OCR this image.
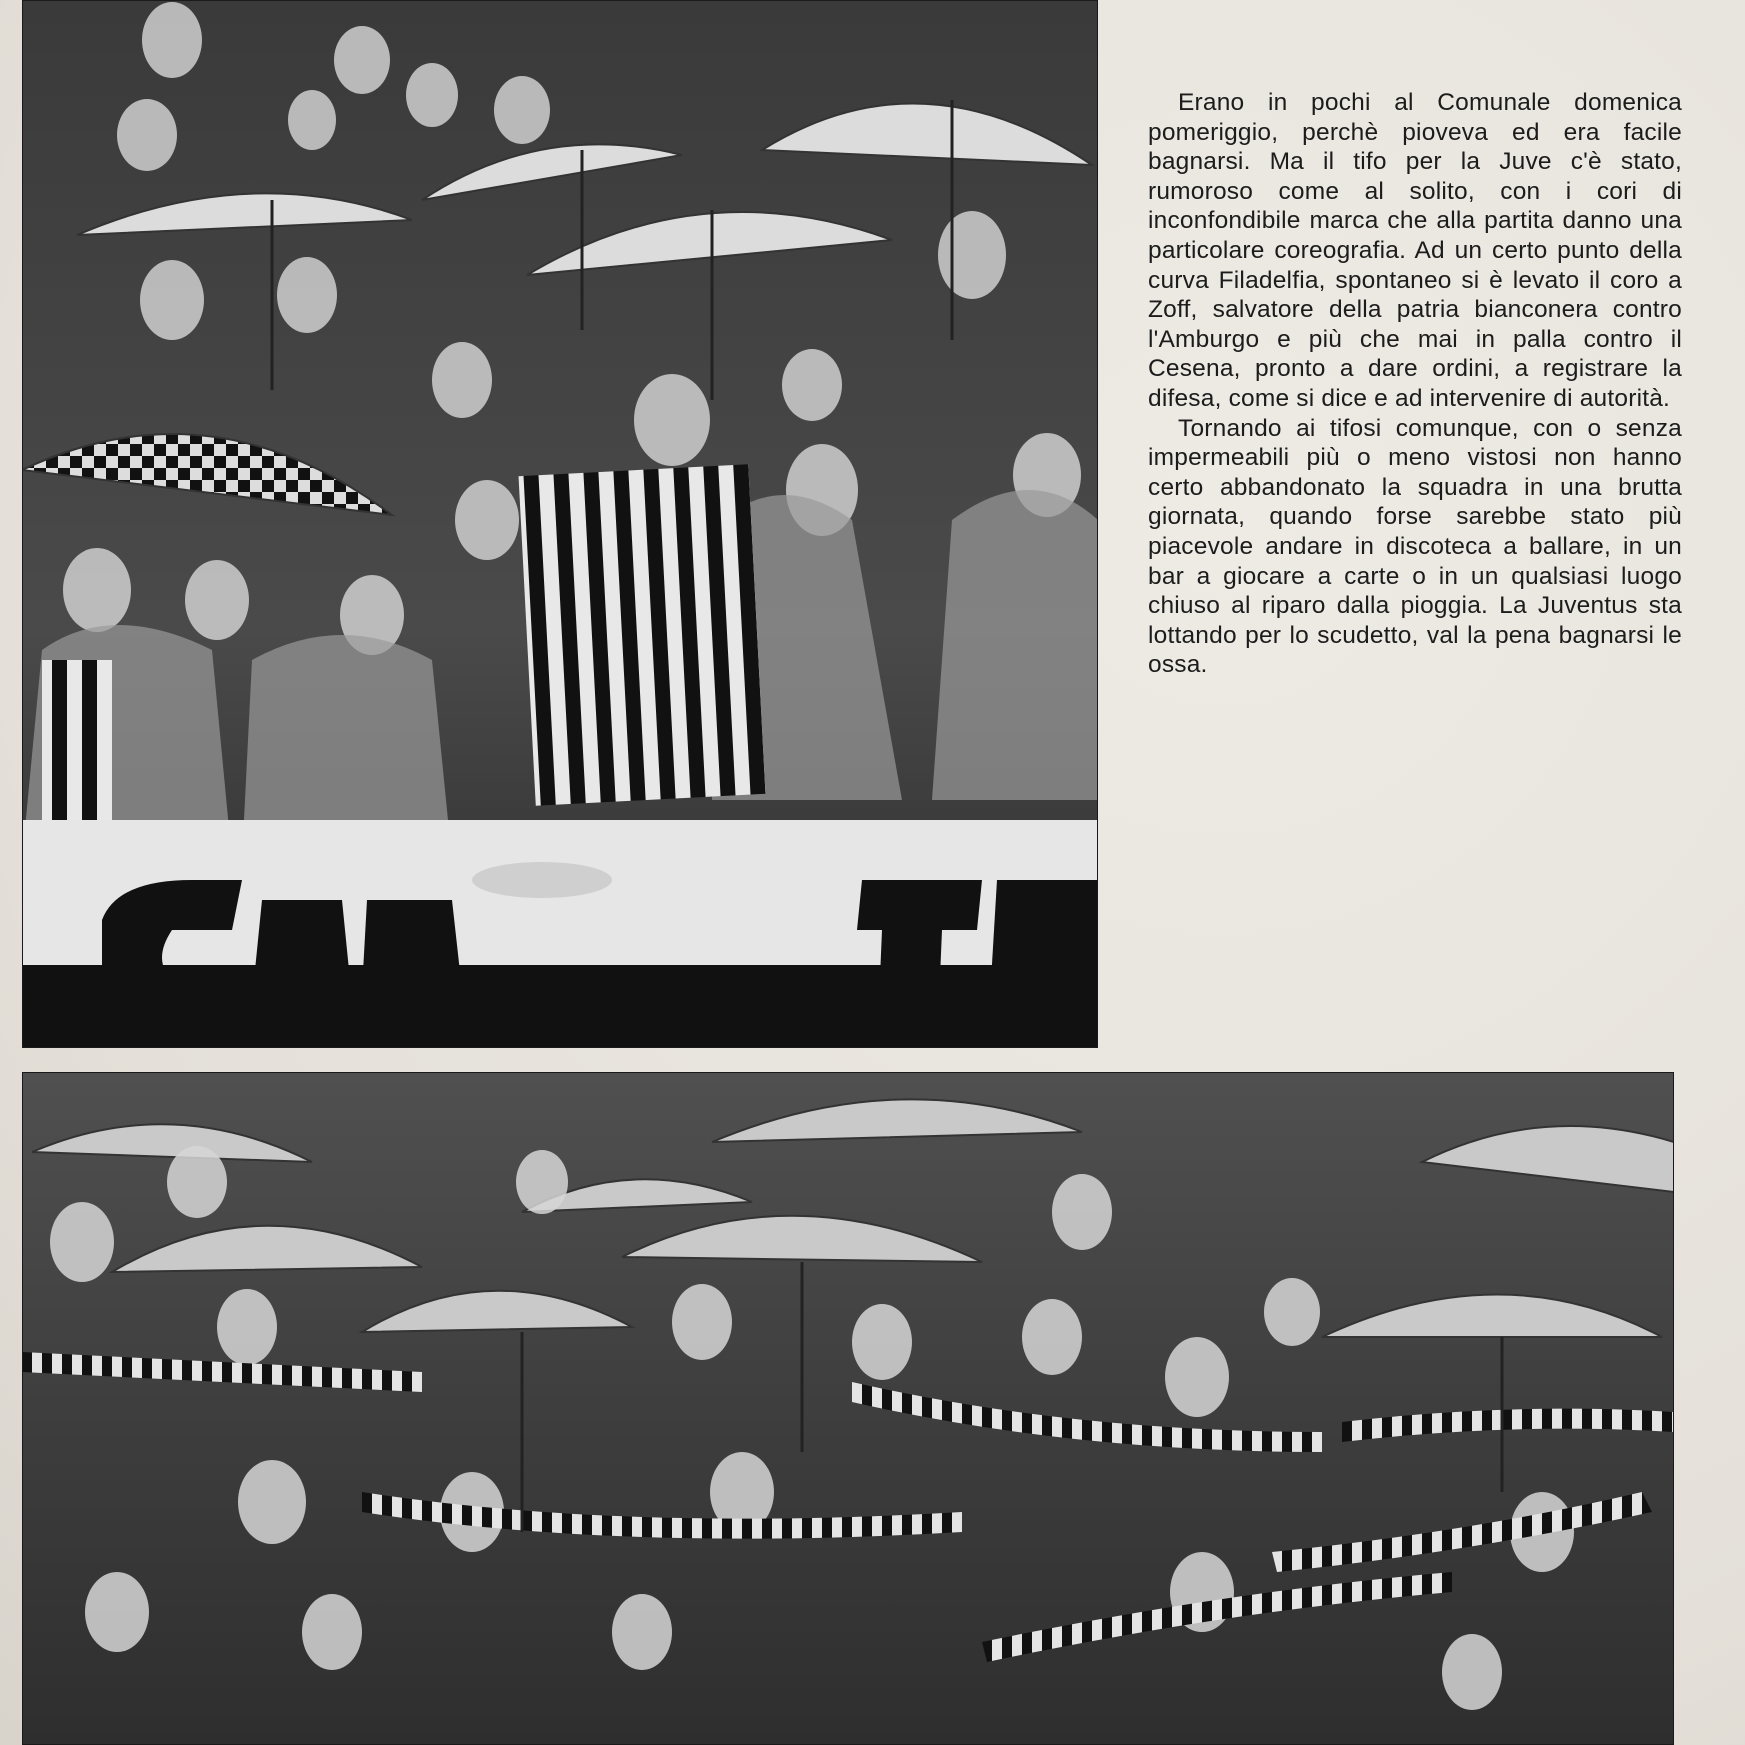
Erano in pochi al Comunale domenica pomeriggio, perchè pioveva ed era facile bagnarsi. Ma il tifo per la Juve c'è stato, rumoroso come al solito, con i cori di inconfondibile marca che alla partita danno una particolare coreografia. Ad un certo punto della curva Filadelfia, spontaneo si è levato il coro a Zoff, salvatore della patria bianconera contro l'Amburgo e più che mai in palla contro il Cesena, pronto a dare ordini, a registrare la difesa, come si dice e ad intervenire di autorità.

Tornando ai tifosi comunque, con o senza impermeabili più o meno vistosi non hanno certo abbandonato la squadra in una brutta giornata, quando forse sarebbe stato più piacevole andare in discoteca a ballare, in un bar a giocare a carte o in un qualsiasi luogo chiuso al riparo dalla pioggia. La Juventus sta lottando per lo scudetto, val la pena bagnarsi le ossa.
